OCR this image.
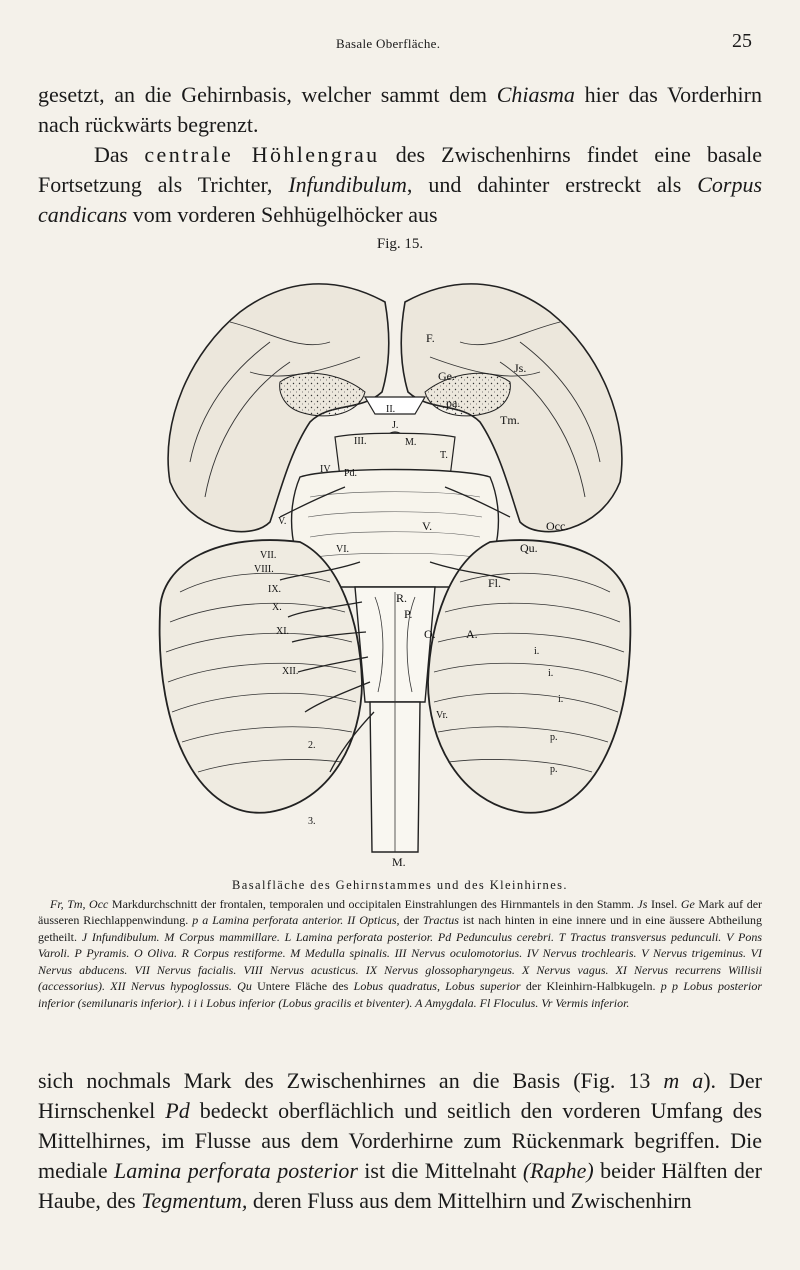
Basale Oberfläche.	25

gesetzt, an die Gehirnbasis, welcher sammt dem Chiasma hier das Vorderhirn nach rückwärts begrenzt.

Das centrale Höhlengrau des Zwischenhirns findet eine basale Fortsetzung als Trichter, Infundibulum, und dahinter erstreckt als Corpus candicans vom vorderen Sehhügelhöcker aus

Fig. 15.
F.
Js.
Ge.
pa.
Tm.
II.
J.
III.	M.
T.
IV Pd.
V.	V.
VI.
VII.
VIII.
IX.
X.
XI.
XII.
Occ.
Qu.
Fl.
P.
O.	A.
R.
Vr.
i.
i.
i.
p.
p.
2.
3.
M.
Basalfläche des Gehirnstammes und des Kleinhirnes.
Fr, Tm, Occ Markdurchschnitt der frontalen, temporalen und occipitalen Einstrahlungen des Hirnmantels in den Stamm. Js Insel. Ge Mark auf der äusseren Riechlappenwindung. p a Lamina perforata anterior. II Opticus, der Tractus ist nach hinten in eine innere und in eine äussere Abtheilung getheilt. J Infundibulum. M Corpus mammillare. L Lamina perforata posterior. Pd Pedunculus cerebri. T Tractus transversus pedunculi. V Pons Varoli. P Pyramis. O Oliva. R Corpus restiforme. M Medulla spinalis. III Nervus oculomotorius. IV Nervus trochlearis. V Nervus trigeminus. VI Nervus abducens. VII Nervus facialis. VIII Nervus acusticus. IX Nervus glossopharyngeus. X Nervus vagus. XI Nervus recurrens Willisii (accessorius). XII Nervus hypoglossus. Qu Untere Fläche des Lobus quadratus, Lobus superior der Kleinhirn-Halbkugeln. p p Lobus posterior inferior (semilunaris inferior). i i i Lobus inferior (Lobus gracilis et biventer). A Amygdala. Fl Floculus. Vr Vermis inferior.

sich nochmals Mark des Zwischenhirnes an die Basis (Fig. 13 m a). Der Hirnschenkel Pd bedeckt oberflächlich und seitlich den vorderen Umfang des Mittelhirnes, im Flusse aus dem Vorderhirne zum Rückenmark begriffen. Die mediale Lamina perforata posterior ist die Mittelnaht (Raphe) beider Hälften der Haube, des Tegmentum, deren Fluss aus dem Mittelhirn und Zwischenhirn
